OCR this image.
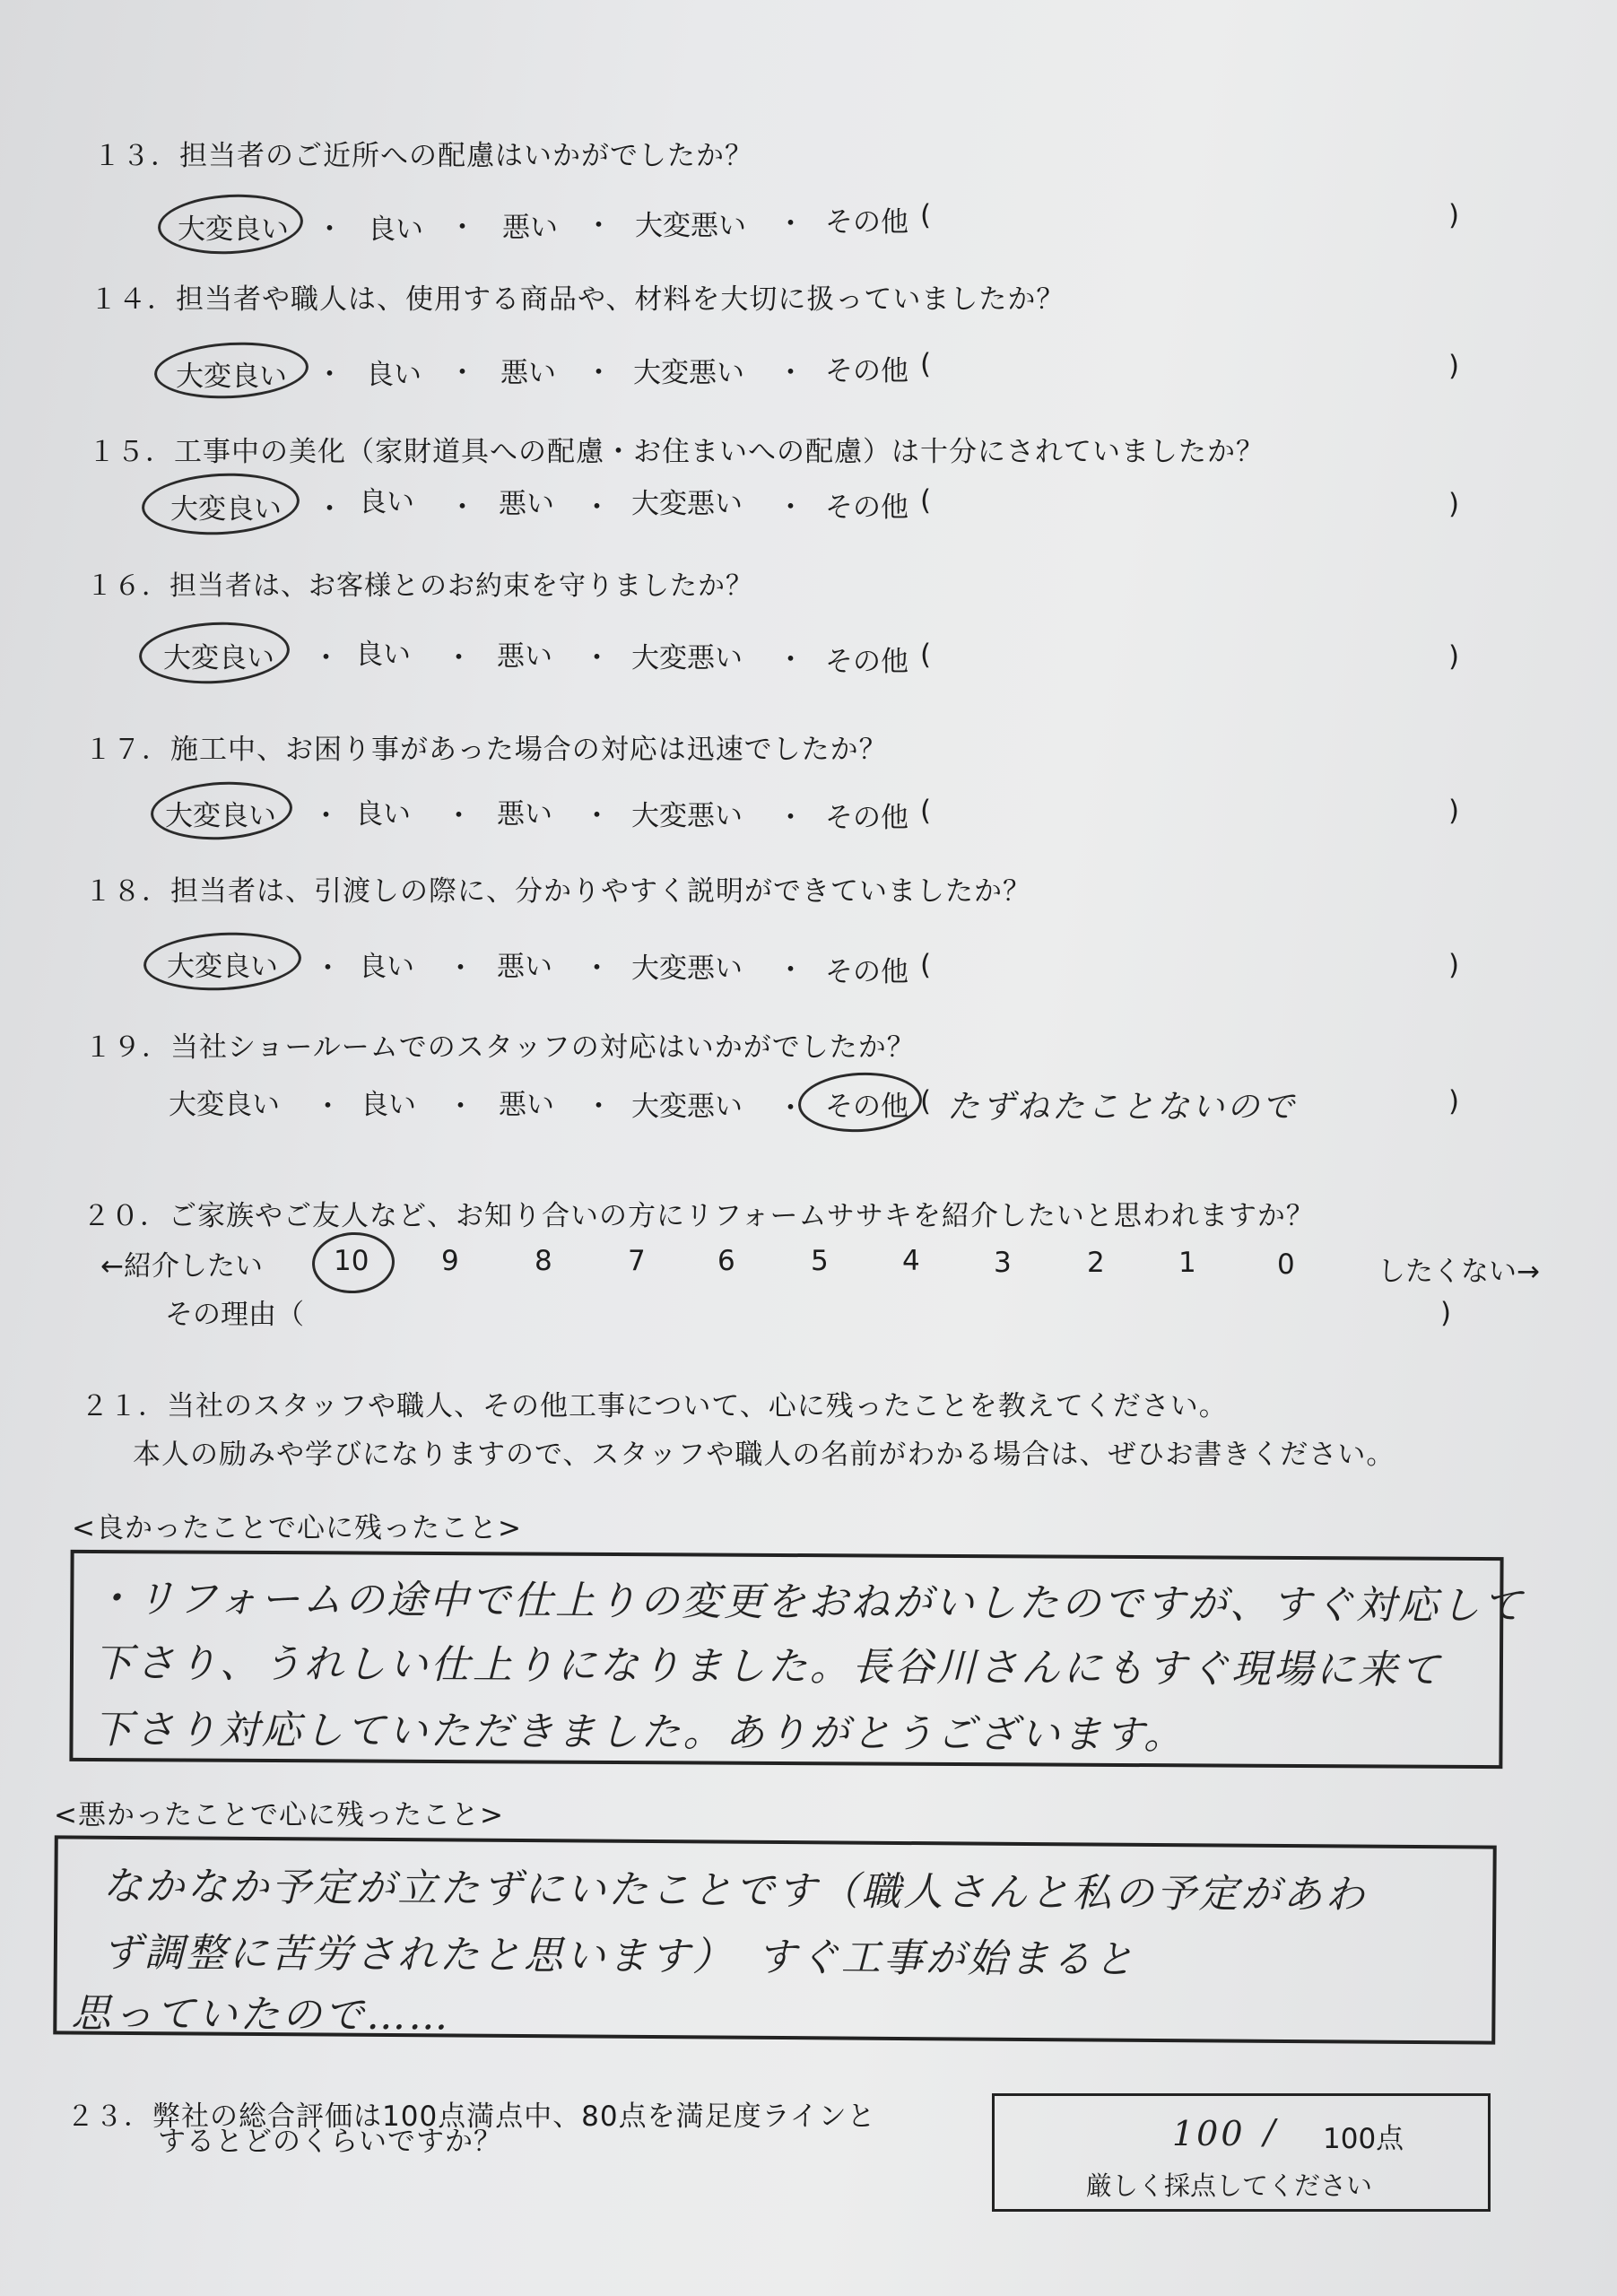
１３．担当者のご近所への配慮はいかがでしたか？
大変良い ・ 良い ・ 悪い ・ 大変悪い ・ その他 (	)
１４．担当者や職人は、使用する商品や、材料を大切に扱っていましたか？
大変良い ・ 良い ・ 悪い ・ 大変悪い ・ その他 (	)
１５．工事中の美化（家財道具への配慮・お住まいへの配慮）は十分にされていましたか？
大変良い ・ 良い ・ 悪い ・ 大変悪い ・ その他 (	)
１６．担当者は、お客様とのお約束を守りましたか？
大変良い ・ 良い ・ 悪い ・ 大変悪い ・ その他 (	)
１７．施工中、お困り事があった場合の対応は迅速でしたか？
大変良い ・ 良い ・ 悪い ・ 大変悪い ・ その他 (	)
１８．担当者は、引渡しの際に、分かりやすく説明ができていましたか？
大変良い ・ 良い ・ 悪い ・ 大変悪い ・ その他 (	)
１９．当社ショールームでのスタッフの対応はいかがでしたか？
大変良い ・ 良い ・ 悪い ・ 大変悪い ・ その他 ( たずねたことないので	)
２０．ご家族やご友人など、お知り合いの方にリフォームササキを紹介したいと思われますか？
←紹介したい	10	9	8	7	6	5	4	3	2	1	0	したくない→
その理由（	)
２１．当社のスタッフや職人、その他工事について、心に残ったことを教えてください。
本人の励みや学びになりますので、スタッフや職人の名前がわかる場合は、ぜひお書きください。
<良かったことで心に残ったこと>
・リフォームの途中で仕上りの変更をおねがいしたのですが、すぐ対応して
下さり、うれしい仕上りになりました。長谷川さんにもすぐ現場に来て
下さり対応していただきました。ありがとうございます。
<悪かったことで心に残ったこと>
なかなか予定が立たずにいたことです（職人さんと私の予定があわ
ず調整に苦労されたと思います）　すぐ工事が始まると
思っていたので……
２３．弊社の総合評価は100点満点中、80点を満足度ラインと
するとどのくらいですか？	100 / 100点
厳しく採点してください
